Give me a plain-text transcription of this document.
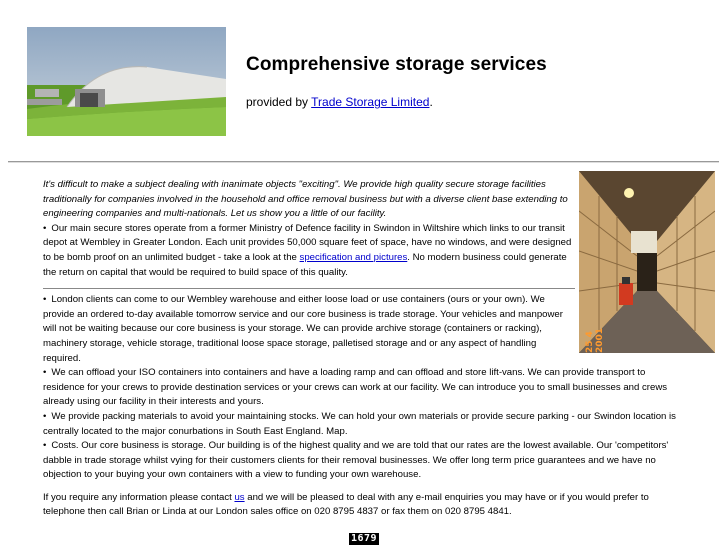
Comprehensive storage services
provided by Trade Storage Limited.
25 4 2001

It's difficult to make a subject dealing with inanimate objects "exciting". We provide high quality secure storage facilities traditionally for companies involved in the household and office removal business but with a diverse client base extending to engineering companies and multi-nationals. Let us show you a little of our facility.

• Our main secure stores operate from a former Ministry of Defence facility in Swindon in Wiltshire which links to our transit depot at Wembley in Greater London. Each unit provides 50,000 square feet of space, have no windows, and were designed to be bomb proof on an unlimited budget - take a look at the specification and pictures. No modern business could generate the return on capital that would be required to build space of this quality.

• London clients can come to our Wembley warehouse and either loose load or use containers (ours or your own). We provide an ordered to-day available tomorrow service and our core business is trade storage. Your vehicles and manpower will not be waiting because our core business is your storage. We can provide archive storage (containers or racking), machinery storage, vehicle storage, traditional loose space storage, palletised storage and or any aspect of handling required.

• We can offload your ISO containers into containers and have a loading ramp and can offload and store lift-vans. We can provide transport to residence for your crews to provide destination services or your crews can work at our facility. We can introduce you to small businesses and crews already using our facility in their interests and yours.

• We provide packing materials to avoid your maintaining stocks. We can hold your own materials or provide secure parking - our Swindon location is centrally located to the major conurbations in South East England. Map.

• Costs. Our core business is storage. Our building is of the highest quality and we are told that our rates are the lowest available. Our 'competitors' dabble in trade storage whilst vying for their customers clients for their removal businesses. We offer long term price guarantees and we have no objection to your buying your own containers with a view to funding your own warehouse.

If you require any information please contact us and we will be pleased to deal with any e-mail enquiries you may have or if you would prefer to telephone then call Brian or Linda at our London sales office on 020 8795 4837 or fax them on 020 8795 4841.

1679
